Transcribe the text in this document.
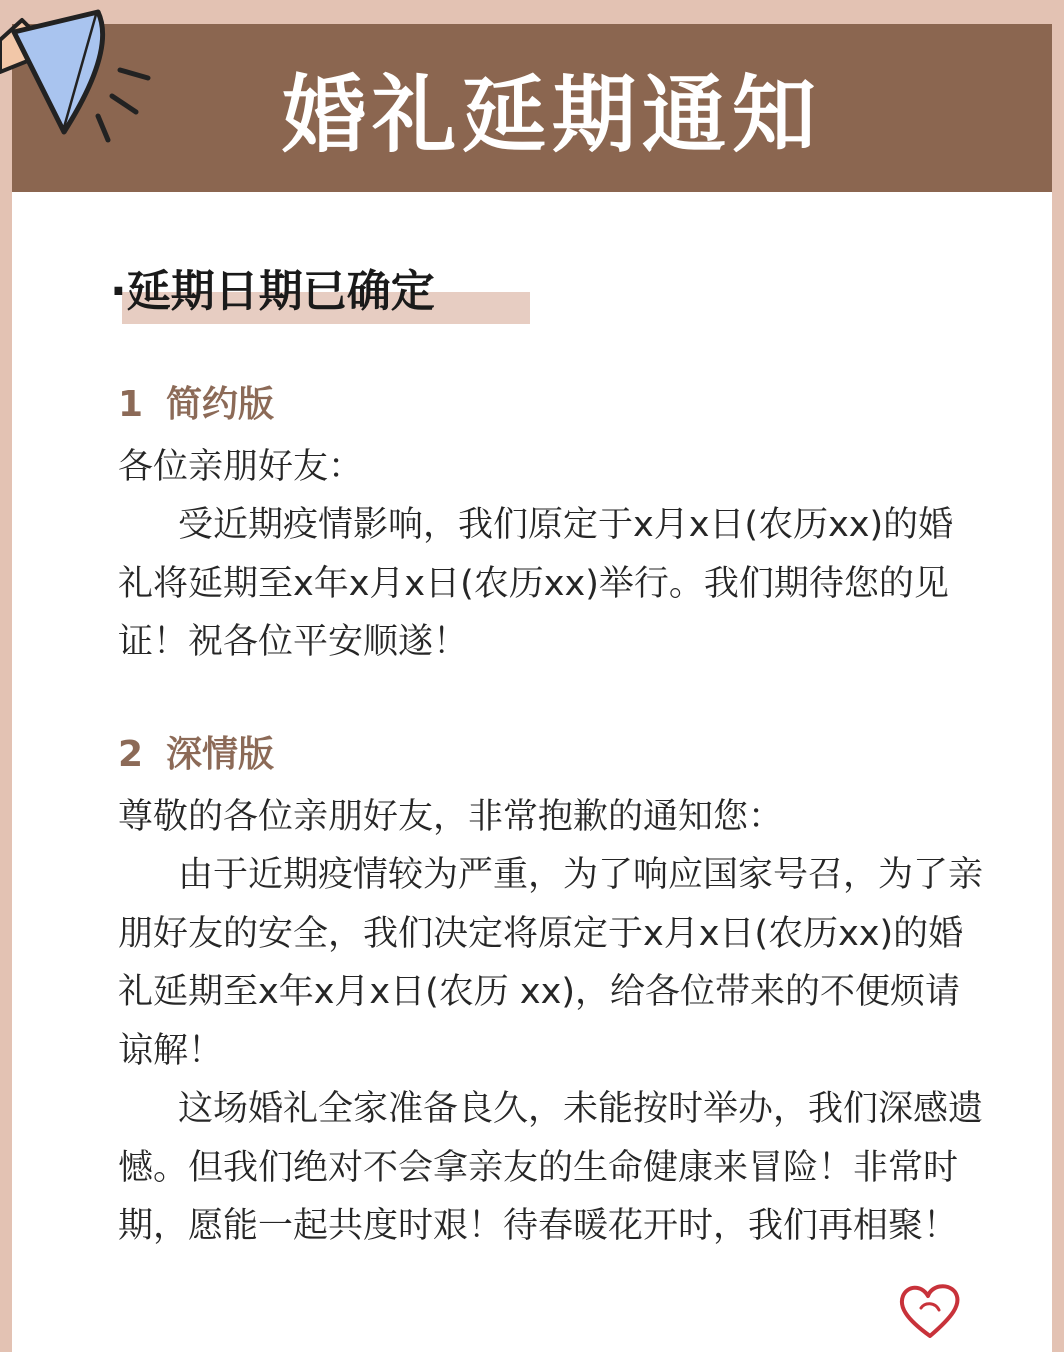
婚礼延期通知
·延期日期已确定
1 简约版
各位亲朋好友：
受近期疫情影响，我们原定于x月x日(农历xx)的婚礼将延期至x年x月x日(农历xx)举行。我们期待您的见证！祝各位平安顺遂！
2 深情版
尊敬的各位亲朋好友，非常抱歉的通知您：
由于近期疫情较为严重，为了响应国家号召，为了亲朋好友的安全，我们决定将原定于x月x日(农历xx)的婚礼延期至x年x月x日(农历 xx)，给各位带来的不便烦请谅解！
这场婚礼全家准备良久，未能按时举办，我们深感遗憾。但我们绝对不会拿亲友的生命健康来冒险！非常时期，愿能一起共度时艰！待春暖花开时，我们再相聚！
